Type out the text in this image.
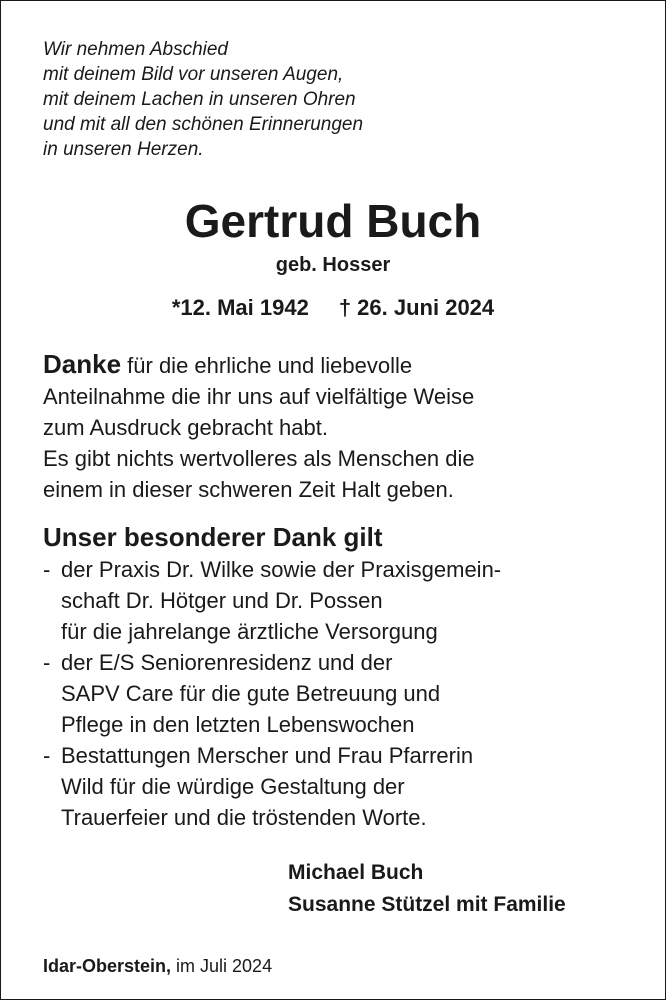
Wir nehmen Abschied
mit deinem Bild vor unseren Augen,
mit deinem Lachen in unseren Ohren
und mit all den schönen Erinnerungen
in unseren Herzen.
Gertrud Buch
geb. Hosser
*12. Mai 1942 † 26. Juni 2024
Danke für die ehrliche und liebevolle
Anteilnahme die ihr uns auf vielfältige Weise
zum Ausdruck gebracht habt.
Es gibt nichts wertvolleres als Menschen die
einem in dieser schweren Zeit Halt geben.
Unser besonderer Dank gilt
- der Praxis Dr. Wilke sowie der Praxisgemein-
schaft Dr. Hötger und Dr. Possen
für die jahrelange ärztliche Versorgung
- der E/S Seniorenresidenz und der
SAPV Care für die gute Betreuung und
Pflege in den letzten Lebenswochen
- Bestattungen Merscher und Frau Pfarrerin
Wild für die würdige Gestaltung der
Trauerfeier und die tröstenden Worte.
Michael Buch
Susanne Stützel mit Familie
Idar-Oberstein, im Juli 2024
